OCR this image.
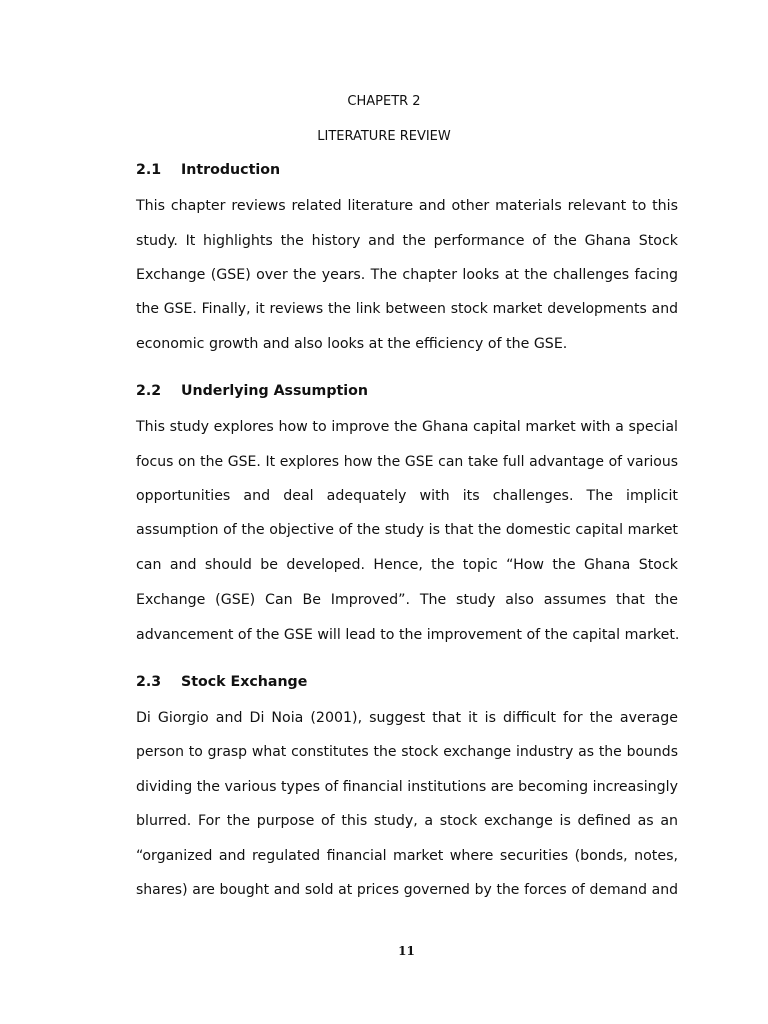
CHAPETR 2
LITERATURE REVIEW
2.1 Introduction
This chapter reviews related literature and other materials relevant to this
study. It highlights the history and the performance of the Ghana Stock
Exchange (GSE) over the years. The chapter looks at the challenges facing
the GSE. Finally, it reviews the link between stock market developments and
economic growth and also looks at the efficiency of the GSE.
2.2 Underlying Assumption
This study explores how to improve the Ghana capital market with a special
focus on the GSE. It explores how the GSE can take full advantage of various
opportunities and deal adequately with its challenges. The implicit
assumption of the objective of the study is that the domestic capital market
can and should be developed. Hence, the topic “How the Ghana Stock
Exchange (GSE) Can Be Improved”. The study also assumes that the
advancement of the GSE will lead to the improvement of the capital market.
2.3 Stock Exchange
Di Giorgio and Di Noia (2001), suggest that it is difficult for the average
person to grasp what constitutes the stock exchange industry as the bounds
dividing the various types of financial institutions are becoming increasingly
blurred. For the purpose of this study, a stock exchange is defined as an
“organized and regulated financial market where securities (bonds, notes,
shares) are bought and sold at prices governed by the forces of demand and
11
